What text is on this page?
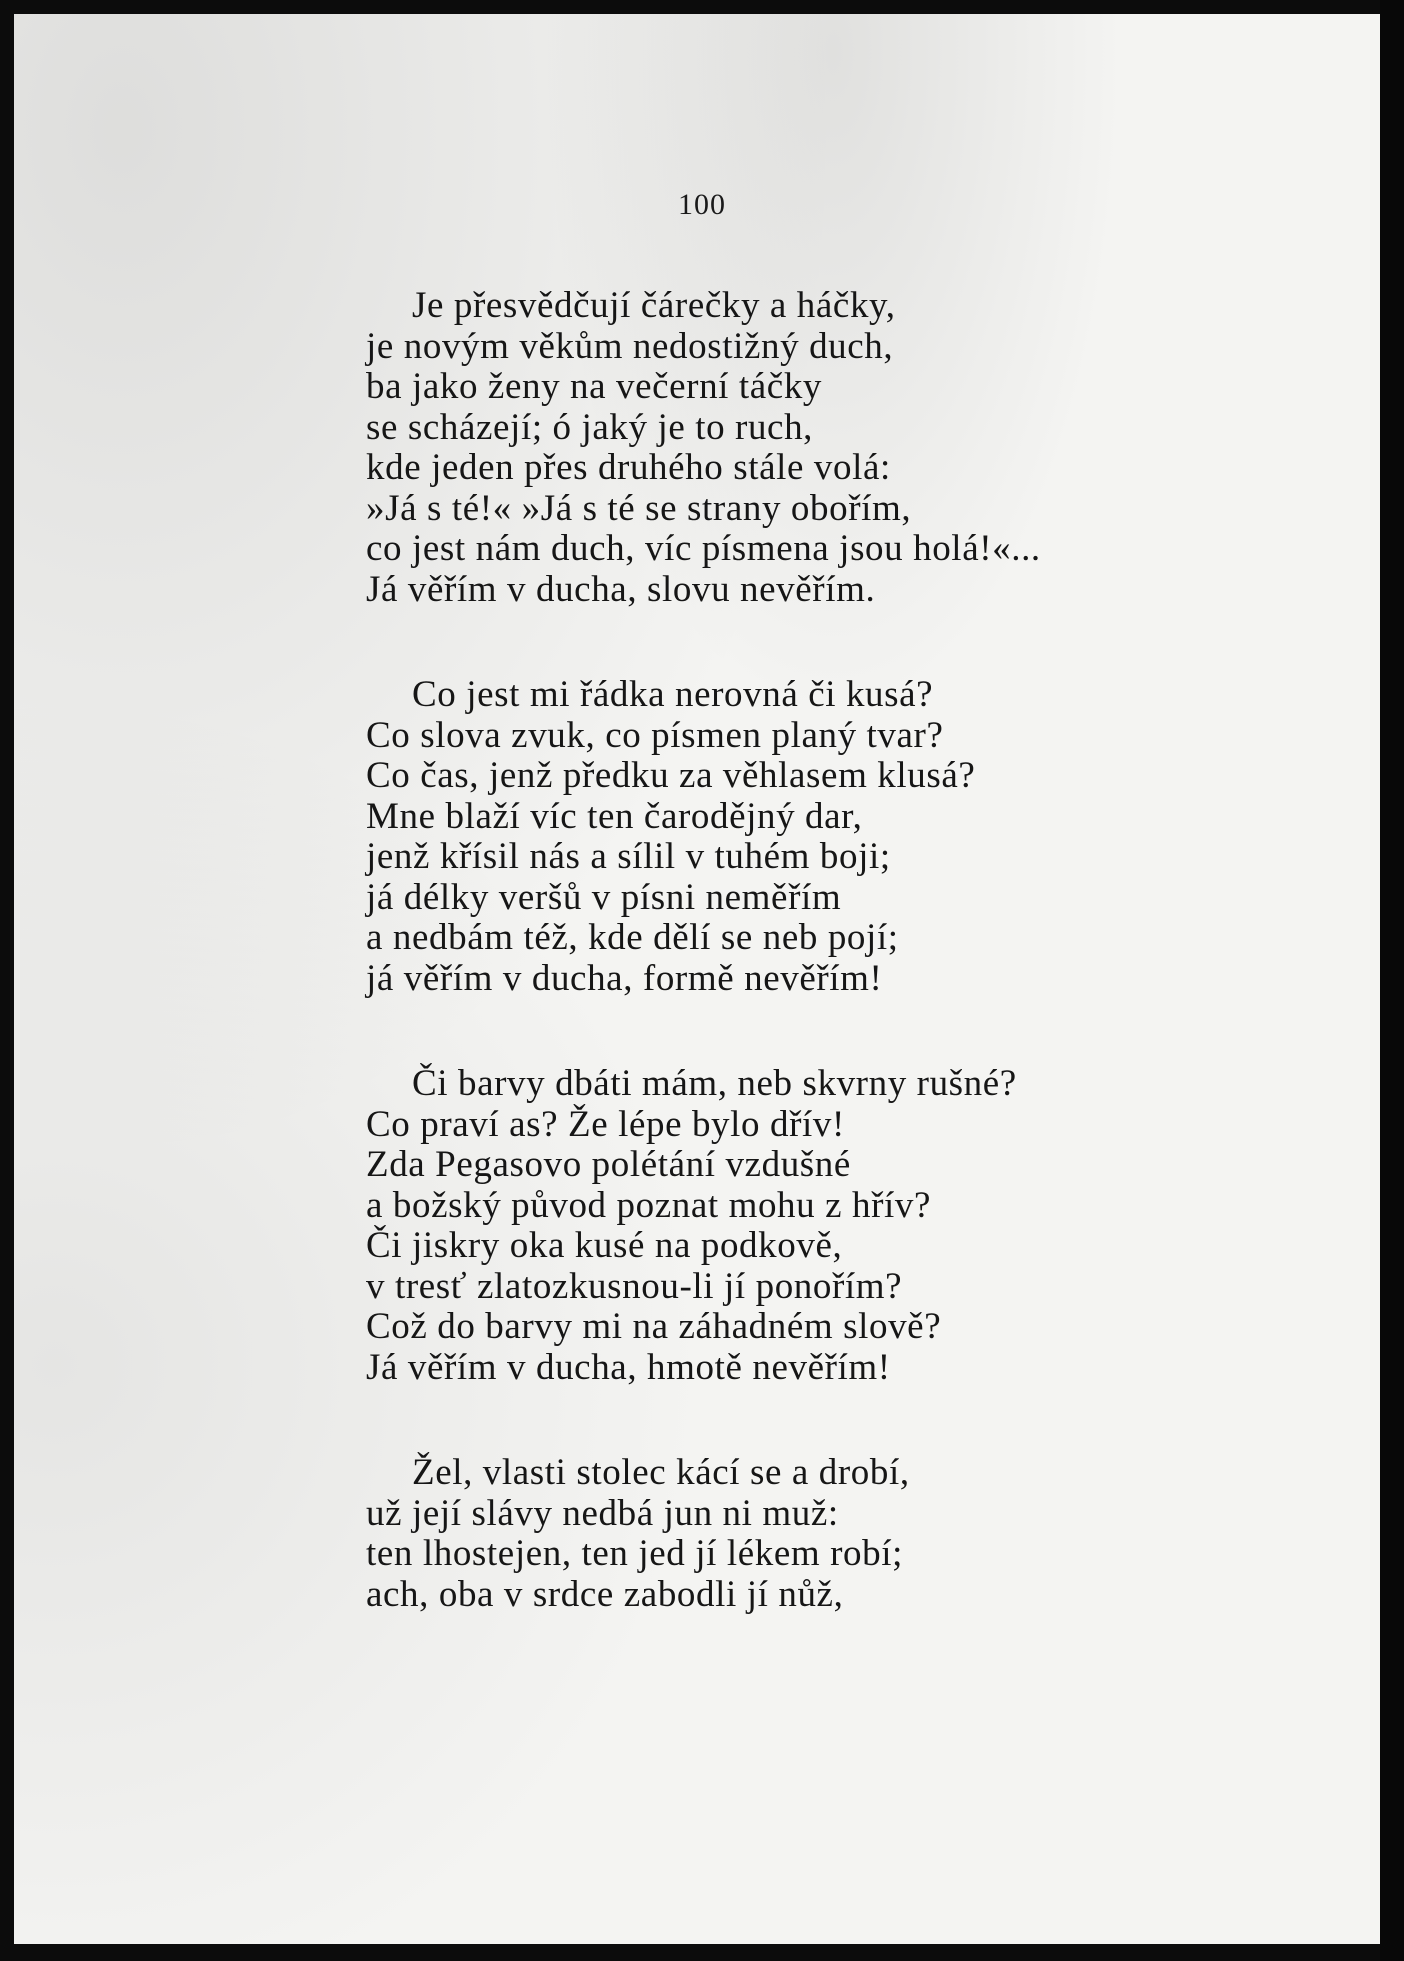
100
Je přesvědčují čárečky a háčky,
je novým věkům nedostižný duch,
ba jako ženy na večerní táčky
se scházejí; ó jaký je to ruch,
kde jeden přes druhého stále volá:
»Já s té!« »Já s té se strany obořím,
co jest nám duch, víc písmena jsou holá!«...
Já věřím v ducha, slovu nevěřím.
Co jest mi řádka nerovná či kusá?
Co slova zvuk, co písmen planý tvar?
Co čas, jenž předku za věhlasem klusá?
Mne blaží víc ten čarodějný dar,
jenž křísil nás a sílil v tuhém boji;
já délky veršů v písni neměřím
a nedbám též, kde dělí se neb pojí;
já věřím v ducha, formě nevěřím!
Či barvy dbáti mám, neb skvrny rušné?
Co praví as? Že lépe bylo dřív!
Zda Pegasovo polétání vzdušné
a božský původ poznat mohu z hřív?
Či jiskry oka kusé na podkově,
v tresť zlatozkusnou-li jí ponořím?
Což do barvy mi na záhadném slově?
Já věřím v ducha, hmotě nevěřím!
Žel, vlasti stolec kácí se a drobí,
už její slávy nedbá jun ni muž:
ten lhostejen, ten jed jí lékem robí;
ach, oba v srdce zabodli jí nůž,
